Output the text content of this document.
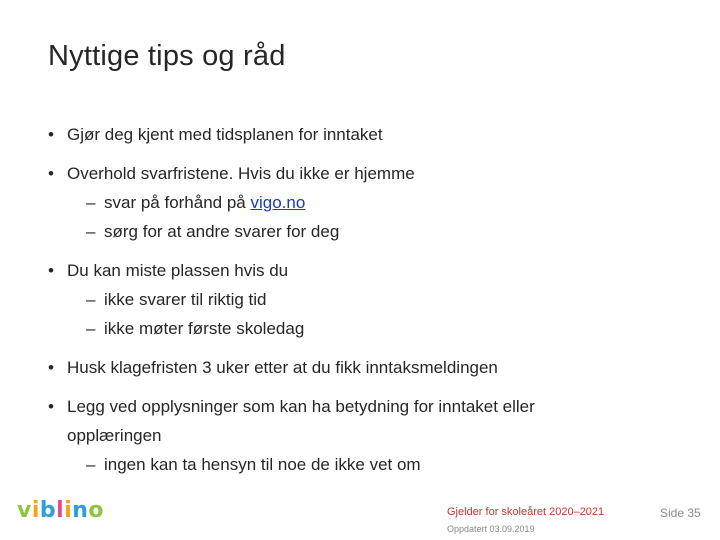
Nyttige tips og råd
• Gjør deg kjent med tidsplanen for inntaket
• Overhold svarfristene. Hvis du ikke er hjemme
– svar på forhånd på vigo.no
– sørg for at andre svarer for deg
• Du kan miste plassen hvis du
– ikke svarer til riktig tid
– ikke møter første skoledag
• Husk klagefristen 3 uker etter at du fikk inntaksmeldingen
• Legg ved opplysninger som kan ha betydning for inntaket eller opplæringen
– ingen kan ta hensyn til noe de ikke vet om
viblino	Gjelder for skoleåret 2020–2021
Oppdatert 03.09.2019
Side 35
